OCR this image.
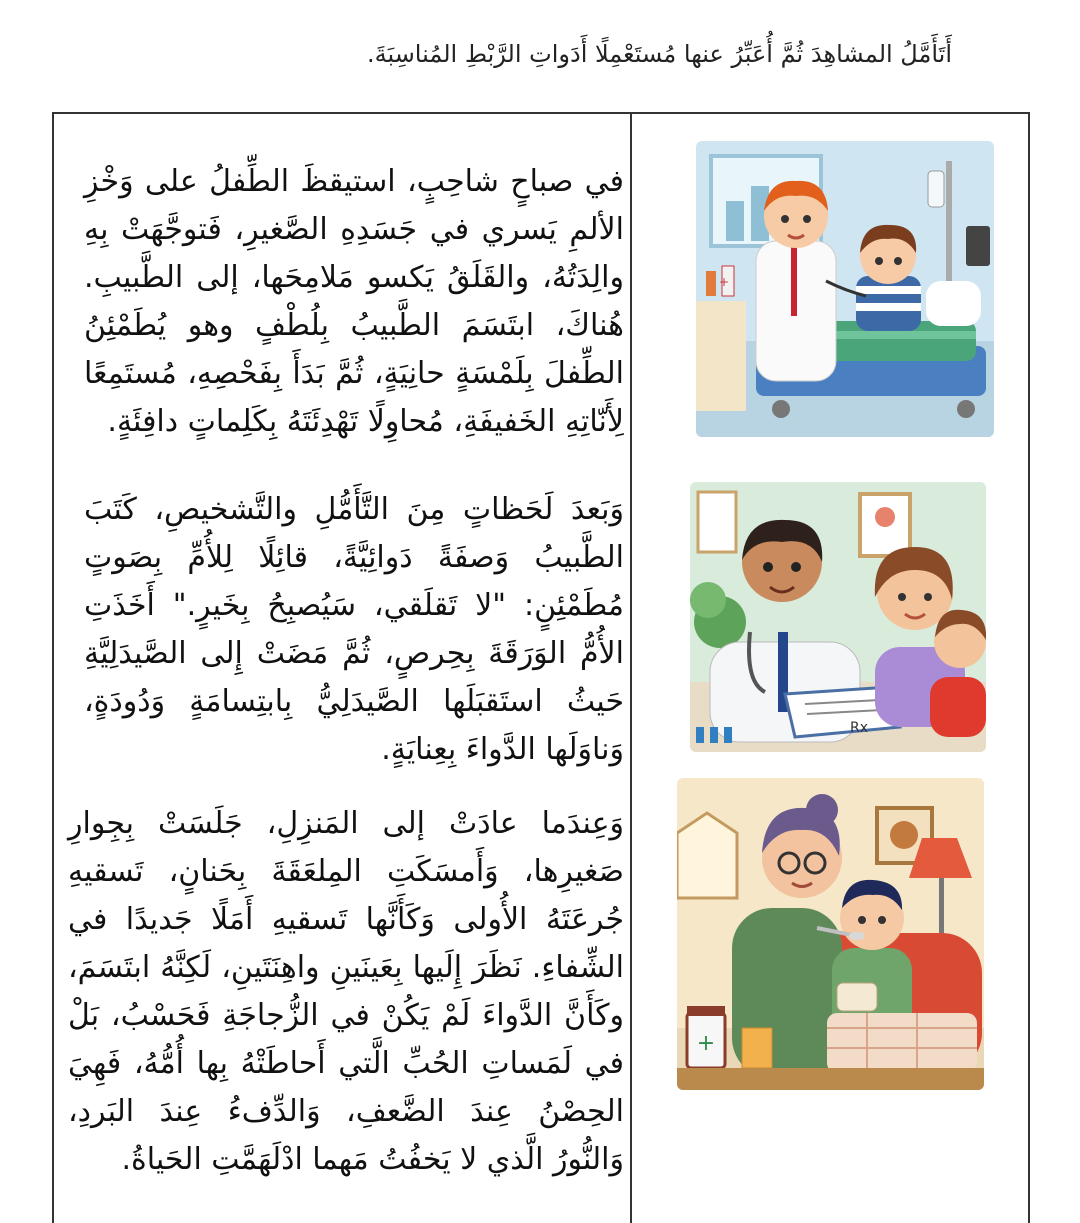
أَتَأَمَّلُ المشاهِدَ ثُمَّ أُعَبِّرُ عنها مُستَعْمِلًا أَدَواتِ الرَّبْطِ المُناسِبَةَ.
في صباحٍ شاحِبٍ، استيقظَ الطِّفلُ على وَخْزِ الألمِ يَسري في جَسَدِهِ الصَّغيرِ، فَتوجَّهَتْ بِهِ والِدَتُهُ، والقَلَقُ يَكسو مَلامِحَها، إلى الطَّبيبِ. هُناكَ، ابتَسَمَ الطَّبيبُ بِلُطْفٍ وهو يُطَمْئِنُ الطِّفلَ بِلَمْسَةٍ حانِيَةٍ، ثُمَّ بَدَأَ بِفَحْصِهِ، مُستَمِعًا لِأَنّاتِهِ الخَفيفَةِ، مُحاوِلًا تَهْدِئَتَهُ بِكَلِماتٍ دافِئَةٍ.
وَبَعدَ لَحَظاتٍ مِنَ التَّأَمُّلِ والتَّشخيصِ، كَتَبَ الطَّبيبُ وَصفَةً دَوائِيَّةً، قائِلًا لِلأُمِّ بِصَوتٍ مُطَمْئِنٍ: "لا تَقلَقي، سَيُصبِحُ بِخَيرٍ." أَخَذَتِ الأُمُّ الوَرَقَةَ بِحِرصٍ، ثُمَّ مَضَتْ إِلى الصَّيدَلِيَّةِ حَيثُ استَقبَلَها الصَّيدَلِيُّ بِابتِسامَةٍ وَدُودَةٍ، وَناوَلَها الدَّواءَ بِعِنايَةٍ.
وَعِندَما عادَتْ إلى المَنزِلِ، جَلَسَتْ بِجِوارِ صَغيرِها، وَأَمسَكَتِ المِلعَقَةَ بِحَنانٍ، تَسقيهِ جُرعَتَهُ الأُولى وَكَأَنَّها تَسقيهِ أَمَلًا جَديدًا في الشِّفاءِ. نَظَرَ إِلَيها بِعَينَينِ واهِنَتَينِ، لَكِنَّهُ ابتَسَمَ، وكَأَنَّ الدَّواءَ لَمْ يَكُنْ في الزُّجاجَةِ فَحَسْبُ، بَلْ في لَمَساتِ الحُبِّ الَّتي أَحاطَتْهُ بِها أُمُّهُ، فَهِيَ الحِصْنُ عِندَ الضَّعفِ، وَالدِّفءُ عِندَ البَردِ، وَالنُّورُ الَّذي لا يَخفُتُ مَهما ادْلَهَمَّتِ الحَياةُ.
+
Rx
+
